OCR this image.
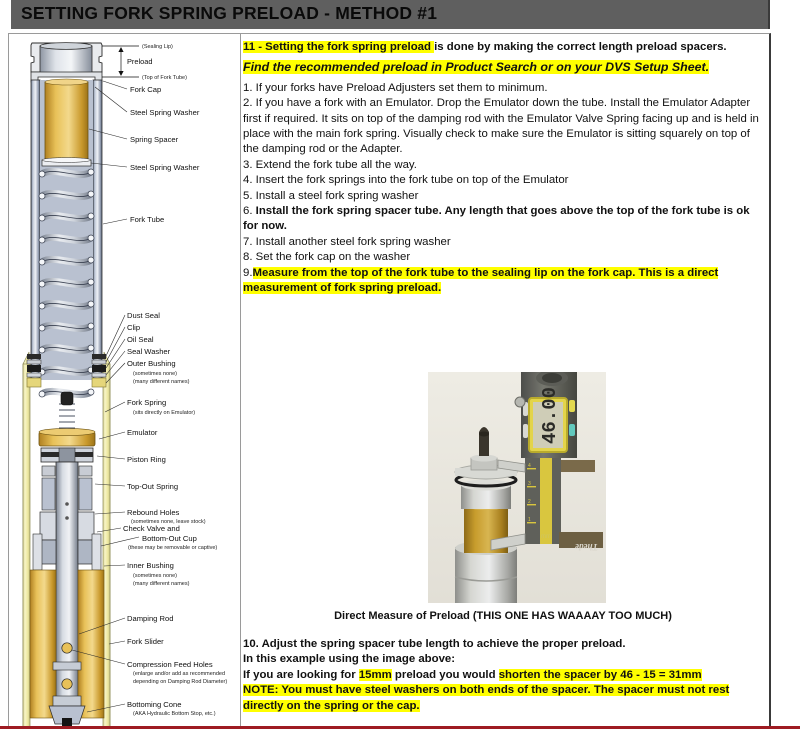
SETTING FORK SPRING PRELOAD - METHOD #1
Preload
(Sealing Lip)
(Top of Fork Tube)
Fork Cap
Steel Spring Washer
Spring Spacer
Steel Spring Washer
Fork Tube
Dust Seal
Clip
Oil Seal
Seal Washer
Outer Bushing
(sometimes none)
(many different names)
Fork Spring
(sits directly on Emulator)
Emulator
Piston Ring
Top-Out Spring
Rebound Holes
(sometimes none, leave stock)
Check Valve and
Bottom-Out Cup
(these may be removable or captive)
Inner Bushing
(sometimes none)
(many different names)
Damping Rod
Fork Slider
Compression Feed Holes
(enlarge and/or add as recommended
depending on Damping Rod Diameter)
Bottoming Cone
(AKA Hydraulic Bottom Stop, etc.)

11 - Setting the fork spring preload is done by making the correct length preload spacers.

Find the recommended preload in Product Search or on your DVS Setup Sheet.

1. If your forks have Preload Adjusters set them to minimum.

2. If you have a fork with an Emulator. Drop the Emulator down the tube. Install the Emulator Adapter first if required. It sits on top of the damping rod with the Emulator Valve Spring facing up and is held in place with the main fork spring. Visually check to make sure the Emulator is sitting squarely on top of the damping rod or the Adapter.

3. Extend the fork tube all the way.

4. Insert the fork springs into the fork tube on top of the Emulator

5. Install a steel fork spring washer

6. Install the fork spring spacer tube. Any length that goes above the top of the fork tube is ok for now.

7. Install another steel fork spring washer

8. Set the fork cap on the washer

9.Measure from the top of the fork tube to the sealing lip on the fork cap. This is a direct measurement of fork spring preload.

46.00
4
3
2
1
Thede
mm
Direct Measure of Preload (THIS ONE HAS WAAAAY TOO MUCH)

10. Adjust the spring spacer tube length to achieve the proper preload.

In this example using the image above:

If you are looking for 15mm preload you would shorten the spacer by 46 - 15 = 31mm

NOTE: You must have steel washers on both ends of the spacer. The spacer must not rest directly on the spring or the cap.
